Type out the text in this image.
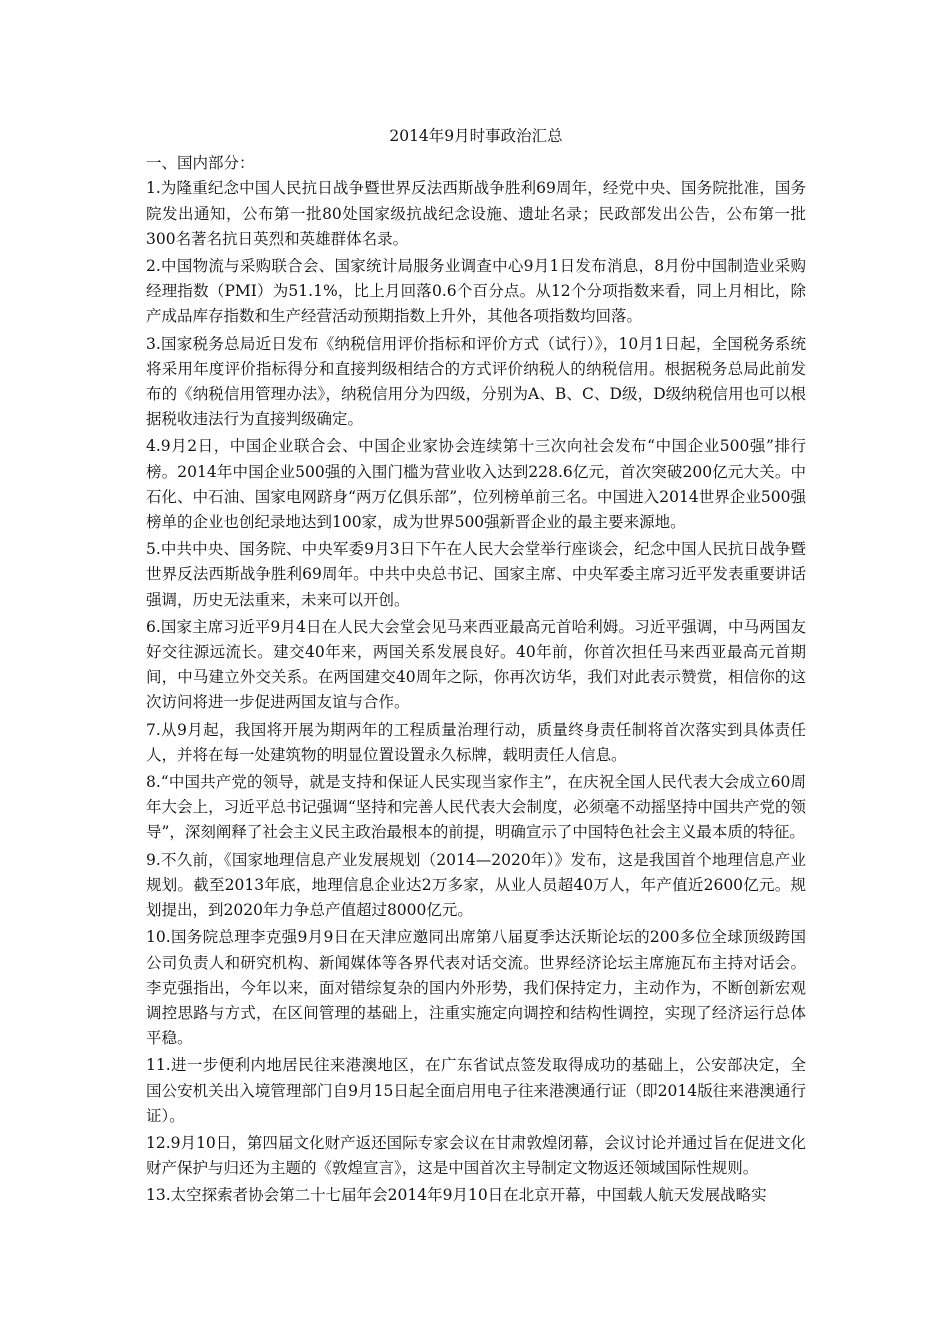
2014年9月时事政治汇总

一、国内部分：

1.为隆重纪念中国人民抗日战争暨世界反法西斯战争胜利69周年，经党中央、国务院批准，国务院发出通知，公布第一批80处国家级抗战纪念设施、遗址名录；民政部发出公告，公布第一批300名著名抗日英烈和英雄群体名录。

2.中国物流与采购联合会、国家统计局服务业调查中心9月1日发布消息，8月份中国制造业采购经理指数（PMI）为51.1%，比上月回落0.6个百分点。从12个分项指数来看，同上月相比，除产成品库存指数和生产经营活动预期指数上升外，其他各项指数均回落。

3.国家税务总局近日发布《纳税信用评价指标和评价方式（试行）》，10月1日起，全国税务系统将采用年度评价指标得分和直接判级相结合的方式评价纳税人的纳税信用。根据税务总局此前发布的《纳税信用管理办法》，纳税信用分为四级，分别为A、B、C、D级，D级纳税信用也可以根据税收违法行为直接判级确定。

4.9月2日，中国企业联合会、中国企业家协会连续第十三次向社会发布“中国企业500强”排行榜。2014年中国企业500强的入围门槛为营业收入达到228.6亿元，首次突破200亿元大关。中石化、中石油、国家电网跻身“两万亿俱乐部”，位列榜单前三名。中国进入2014世界企业500强榜单的企业也创纪录地达到100家，成为世界500强新晋企业的最主要来源地。

5.中共中央、国务院、中央军委9月3日下午在人民大会堂举行座谈会，纪念中国人民抗日战争暨世界反法西斯战争胜利69周年。中共中央总书记、国家主席、中央军委主席习近平发表重要讲话强调，历史无法重来，未来可以开创。

6.国家主席习近平9月4日在人民大会堂会见马来西亚最高元首哈利姆。习近平强调，中马两国友好交往源远流长。建交40年来，两国关系发展良好。40年前，你首次担任马来西亚最高元首期间，中马建立外交关系。在两国建交40周年之际，你再次访华，我们对此表示赞赏，相信你的这次访问将进一步促进两国友谊与合作。

7.从9月起，我国将开展为期两年的工程质量治理行动，质量终身责任制将首次落实到具体责任人，并将在每一处建筑物的明显位置设置永久标牌，载明责任人信息。

8.“中国共产党的领导，就是支持和保证人民实现当家作主”，在庆祝全国人民代表大会成立60周年大会上，习近平总书记强调“坚持和完善人民代表大会制度，必须毫不动摇坚持中国共产党的领导”，深刻阐释了社会主义民主政治最根本的前提，明确宣示了中国特色社会主义最本质的特征。

9.不久前，《国家地理信息产业发展规划（2014—2020年）》发布，这是我国首个地理信息产业规划。截至2013年底，地理信息企业达2万多家，从业人员超40万人，年产值近2600亿元。规划提出，到2020年力争总产值超过8000亿元。

10.国务院总理李克强9月9日在天津应邀同出席第八届夏季达沃斯论坛的200多位全球顶级跨国公司负责人和研究机构、新闻媒体等各界代表对话交流。世界经济论坛主席施瓦布主持对话会。李克强指出，今年以来，面对错综复杂的国内外形势，我们保持定力，主动作为，不断创新宏观调控思路与方式，在区间管理的基础上，注重实施定向调控和结构性调控，实现了经济运行总体平稳。

11.进一步便利内地居民往来港澳地区，在广东省试点签发取得成功的基础上，公安部决定，全国公安机关出入境管理部门自9月15日起全面启用电子往来港澳通行证（即2014版往来港澳通行证）。

12.9月10日，第四届文化财产返还国际专家会议在甘肃敦煌闭幕，会议讨论并通过旨在促进文化财产保护与归还为主题的《敦煌宣言》，这是中国首次主导制定文物返还领域国际性规则。

13.太空探索者协会第二十七届年会2014年9月10日在北京开幕，中国载人航天发展战略实
